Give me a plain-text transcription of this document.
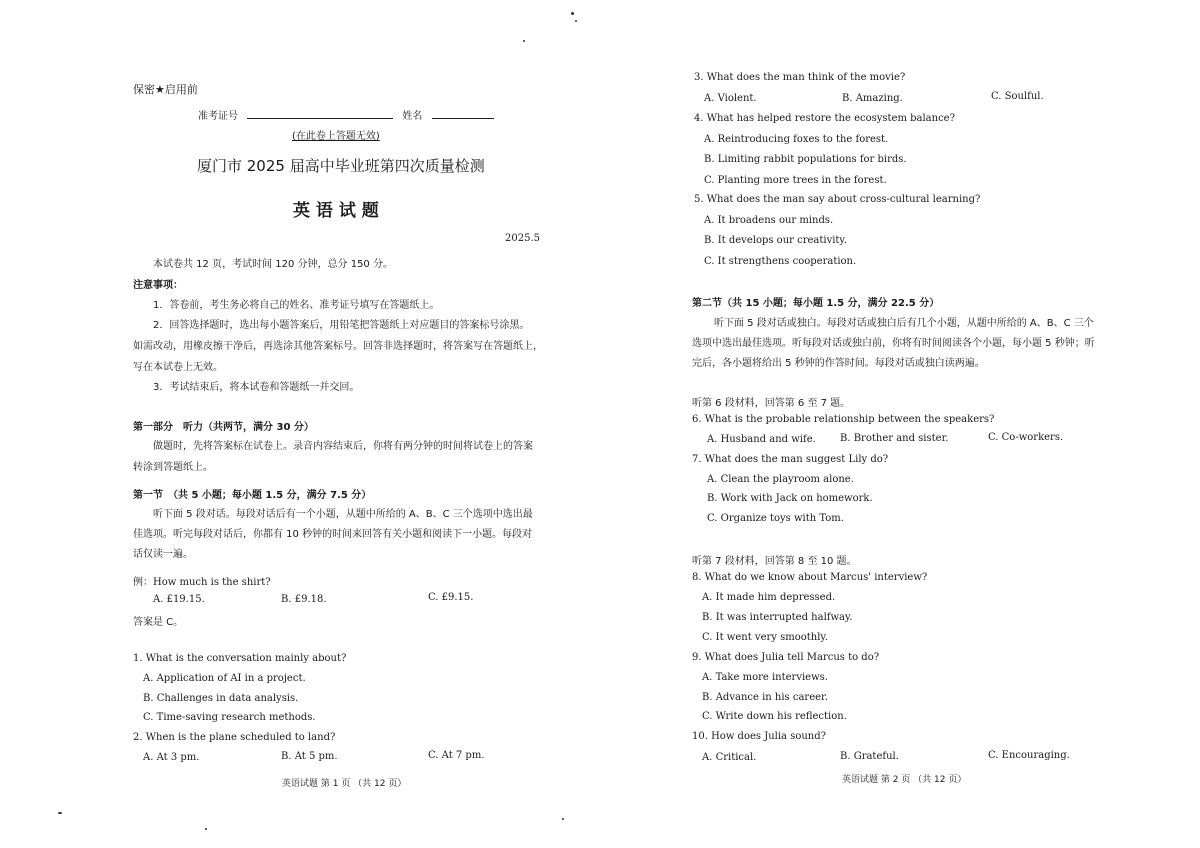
保密★启用前
准考证号	姓名
(在此卷上答题无效)
厦门市 2025 届高中毕业班第四次质量检测
英 语 试 题
2025.5
本试卷共 12 页，考试时间 120 分钟，总分 150 分。
注意事项：
1．答卷前，考生务必将自己的姓名、准考证号填写在答题纸上。
2．回答选择题时，选出每小题答案后，用铅笔把答题纸上对应题目的答案标号涂黑。
如需改动，用橡皮擦干净后，再选涂其他答案标号。回答非选择题时，将答案写在答题纸上，
写在本试卷上无效。
3．考试结束后，将本试卷和答题纸一并交回。
第一部分　听力（共两节，满分 30 分）
做题时，先将答案标在试卷上。录音内容结束后，你将有两分钟的时间将试卷上的答案
转涂到答题纸上。
第一节　（共 5 小题；每小题 1.5 分，满分 7.5 分）
听下面 5 段对话。每段对话后有一个小题，从题中所给的 A、B、C 三个选项中选出最
佳选项。听完每段对话后，你都有 10 秒钟的时间来回答有关小题和阅读下一小题。每段对
话仅读一遍。
例：How much is the shirt?
A. £19.15.	B. £9.18.	C. £9.15.
答案是 C。
1. What is the conversation mainly about?
A. Application of AI in a project.
B. Challenges in data analysis.
C. Time-saving research methods.
2. When is the plane scheduled to land?
A. At 3 pm.	B. At 5 pm.	C. At 7 pm.
英语试题 第 1 页 （共 12 页）
3. What does the man think of the movie?
A. Violent.	B. Amazing.	C. Soulful.
4. What has helped restore the ecosystem balance?
A. Reintroducing foxes to the forest.
B. Limiting rabbit populations for birds.
C. Planting more trees in the forest.
5. What does the man say about cross-cultural learning?
A. It broadens our minds.
B. It develops our creativity.
C. It strengthens cooperation.
第二节（共 15 小题；每小题 1.5 分，满分 22.5 分）
听下面 5 段对话或独白。每段对话或独白后有几个小题，从题中所给的 A、B、C 三个
选项中选出最佳选项。听每段对话或独白前，你将有时间阅读各个小题，每小题 5 秒钟；听
完后，各小题将给出 5 秒钟的作答时间。每段对话或独白读两遍。
听第 6 段材料，回答第 6 至 7 题。
6. What is the probable relationship between the speakers?
A. Husband and wife. B. Brother and sister.	C. Co-workers.
7. What does the man suggest Lily do?
A. Clean the playroom alone.
B. Work with Jack on homework.
C. Organize toys with Tom.
听第 7 段材料，回答第 8 至 10 题。
8. What do we know about Marcus' interview?
A. It made him depressed.
B. It was interrupted halfway.
C. It went very smoothly.
9. What does Julia tell Marcus to do?
A. Take more interviews.
B. Advance in his career.
C. Write down his reflection.
10. How does Julia sound?
A. Critical.	B. Grateful.	C. Encouraging.
英语试题 第 2 页 （共 12 页）
